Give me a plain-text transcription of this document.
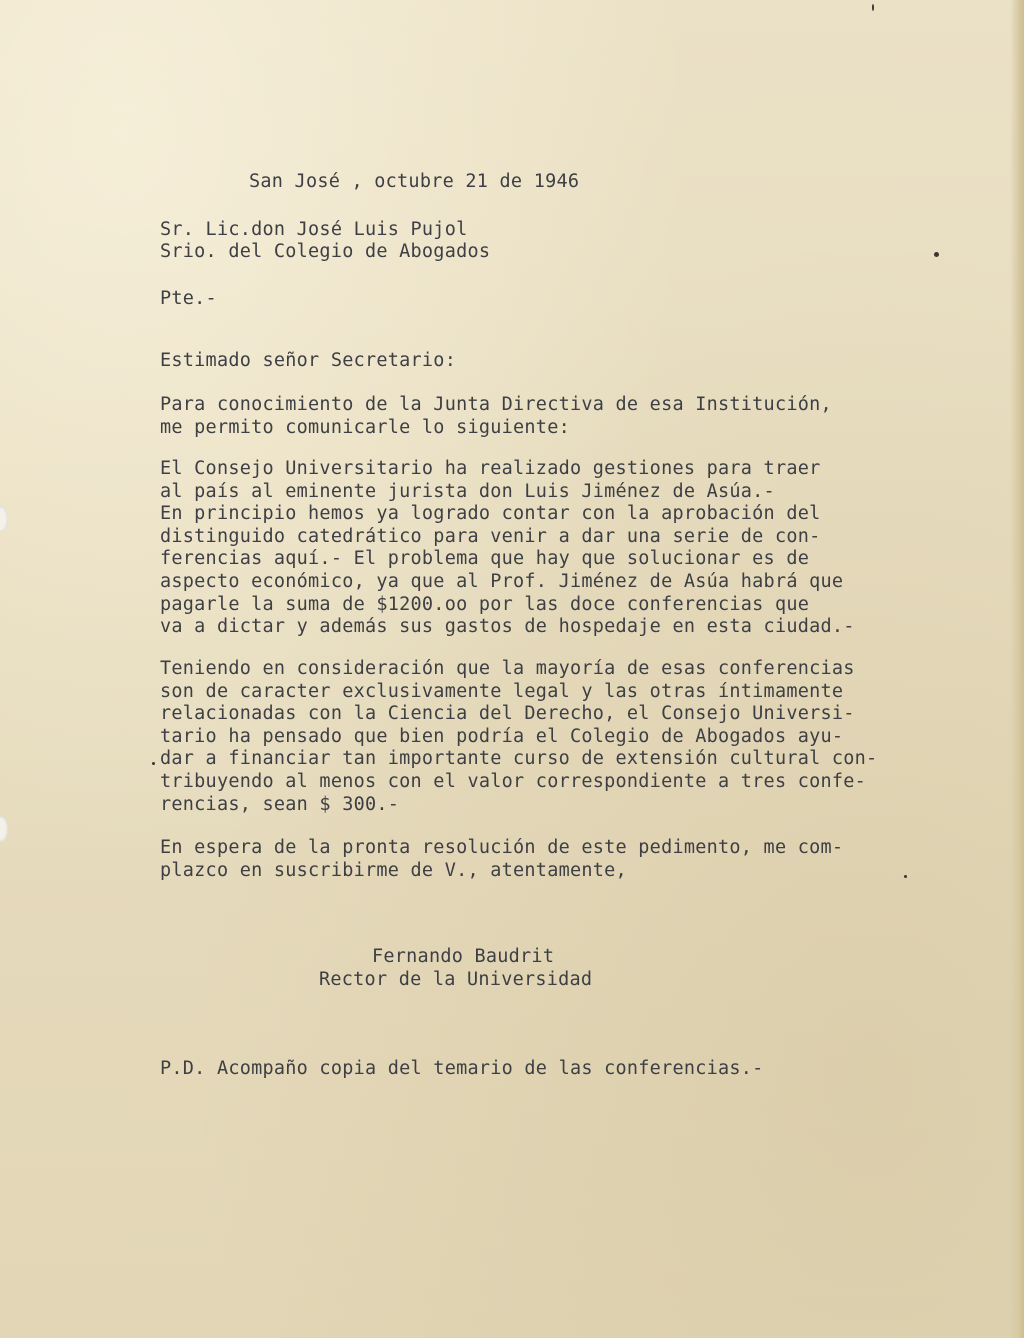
San José , octubre 21 de 1946
Sr. Lic.don José Luis Pujol
Srio. del Colegio de Abogados
Pte.-
Estimado señor Secretario:
Para conocimiento de la Junta Directiva de esa Institución,
me permito comunicarle lo siguiente:
El Consejo Universitario ha realizado gestiones para traer
al país al eminente jurista don Luis Jiménez de Asúa.-
En principio hemos ya logrado contar con la aprobación del
distinguido catedrático para venir a dar una serie de con-
ferencias aquí.- El problema que hay que solucionar es de
aspecto económico, ya que al Prof. Jiménez de Asúa habrá que
pagarle la suma de $1200.oo por las doce conferencias que
va a dictar y además sus gastos de hospedaje en esta ciudad.-
Teniendo en consideración que la mayoría de esas conferencias
son de caracter exclusivamente legal y las otras íntimamente
relacionadas con la Ciencia del Derecho, el Consejo Universi-
tario ha pensado que bien podría el Colegio de Abogados ayu-
dar a financiar tan importante curso de extensión cultural con-
tribuyendo al menos con el valor correspondiente a tres confe-
rencias, sean $ 300.-
En espera de la pronta resolución de este pedimento, me com-
plazco en suscribirme de V., atentamente,
Fernando Baudrit
Rector de la Universidad
P.D. Acompaño copia del temario de las conferencias.-
